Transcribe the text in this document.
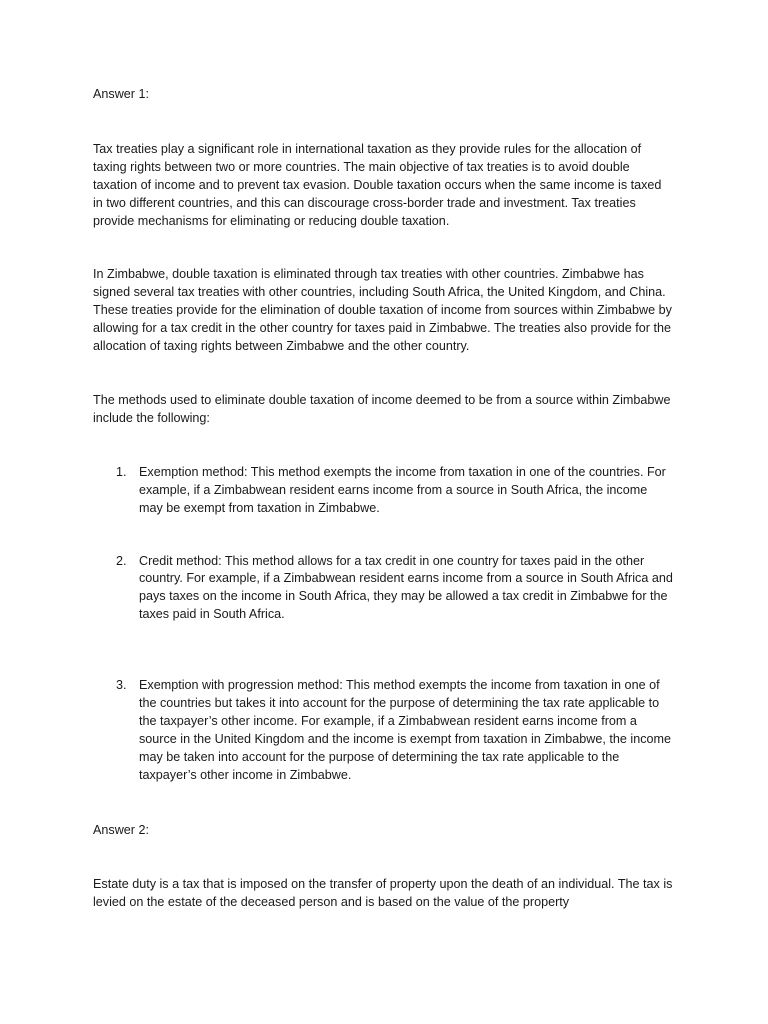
Answer 1:

Tax treaties play a significant role in international taxation as they provide rules for the allocation of taxing rights between two or more countries. The main objective of tax treaties is to avoid double taxation of income and to prevent tax evasion. Double taxation occurs when the same income is taxed in two different countries, and this can discourage cross-border trade and investment. Tax treaties provide mechanisms for eliminating or reducing double taxation.

In Zimbabwe, double taxation is eliminated through tax treaties with other countries. Zimbabwe has signed several tax treaties with other countries, including South Africa, the United Kingdom, and China. These treaties provide for the elimination of double taxation of income from sources within Zimbabwe by allowing for a tax credit in the other country for taxes paid in Zimbabwe. The treaties also provide for the allocation of taxing rights between Zimbabwe and the other country.

The methods used to eliminate double taxation of income deemed to be from a source within Zimbabwe include the following:

1. Exemption method: This method exempts the income from taxation in one of the countries. For example, if a Zimbabwean resident earns income from a source in South Africa, the income may be exempt from taxation in Zimbabwe.
2. Credit method: This method allows for a tax credit in one country for taxes paid in the other country. For example, if a Zimbabwean resident earns income from a source in South Africa and pays taxes on the income in South Africa, they may be allowed a tax credit in Zimbabwe for the taxes paid in South Africa.
3. Exemption with progression method: This method exempts the income from taxation in one of the countries but takes it into account for the purpose of determining the tax rate applicable to the taxpayer’s other income. For example, if a Zimbabwean resident earns income from a source in the United Kingdom and the income is exempt from taxation in Zimbabwe, the income may be taken into account for the purpose of determining the tax rate applicable to the taxpayer’s other income in Zimbabwe.

Answer 2:

Estate duty is a tax that is imposed on the transfer of property upon the death of an individual. The tax is levied on the estate of the deceased person and is based on the value of the property
